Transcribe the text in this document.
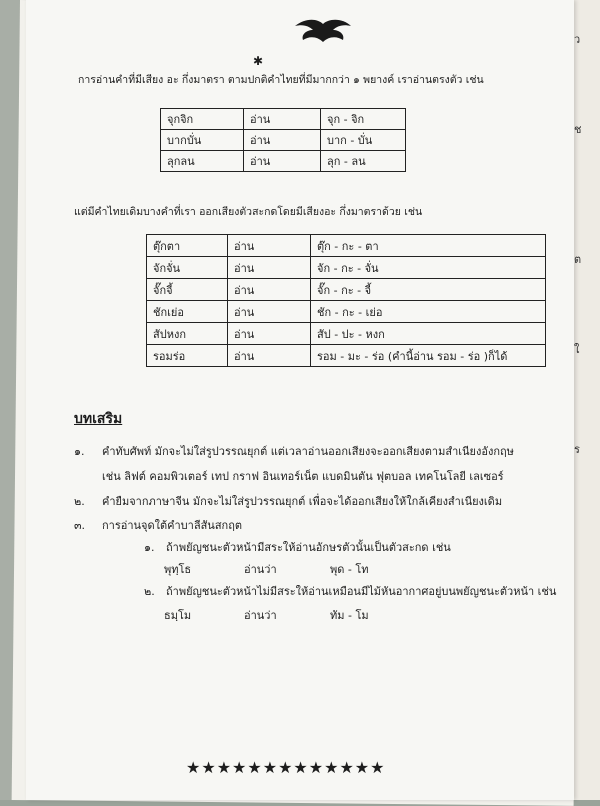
ว
ช
ต
ใ
ร
✱
การอ่านคำที่มีเสียง อะ กึ่งมาตรา ตามปกติคำไทยที่มีมากกว่า ๑ พยางค์ เราอ่านตรงตัว เช่น
จุกจิก	อ่าน	จุก - จิก
บากบั่น	อ่าน	บาก - บั่น
ลุกลน	อ่าน	ลุก - ลน
แต่มีคำไทยเดิมบางคำที่เรา ออกเสียงตัวสะกดโดยมีเสียงอะ กึ่งมาตราด้วย เช่น
ตุ๊กตา	อ่าน	ตุ๊ก - กะ - ตา
จักจั่น	อ่าน	จัก - กะ - จั่น
จั๊กจี้	อ่าน	จั๊ก - กะ - จี้
ชักเย่อ	อ่าน	ชัก - กะ - เย่อ
สัปหงก	อ่าน	สัป - ปะ - หงก
รอมร่อ	อ่าน	รอม - มะ - ร่อ (คำนี้อ่าน รอม - ร่อ )ก็ได้
บทเสริม
๑. คำทับศัพท์ มักจะไม่ใส่รูปวรรณยุกต์ แต่เวลาอ่านออกเสียงจะออกเสียงตามสำเนียงอังกฤษ
เช่น ลิฟต์ คอมพิวเตอร์ เทป กราฟ อินเทอร์เน็ต แบดมินตัน ฟุตบอล เทคโนโลยี เลเซอร์
๒. คำยืมจากภาษาจีน มักจะไม่ใส่รูปวรรณยุกต์ เพื่อจะได้ออกเสียงให้ใกล้เคียงสำเนียงเดิม
๓. การอ่านจุดใต้คำบาลีสันสกฤต
๑. ถ้าพยัญชนะตัวหน้ามีสระให้อ่านอักษรตัวนั้นเป็นตัวสะกด เช่น
พุทฺโธ	อ่านว่า	พุด - โท
๒. ถ้าพยัญชนะตัวหน้าไม่มีสระให้อ่านเหมือนมีไม้หันอากาศอยู่บนพยัญชนะตัวหน้า เช่น
ธมฺโม	อ่านว่า	ทัม - โม
★★★★★★★★★★★★★
